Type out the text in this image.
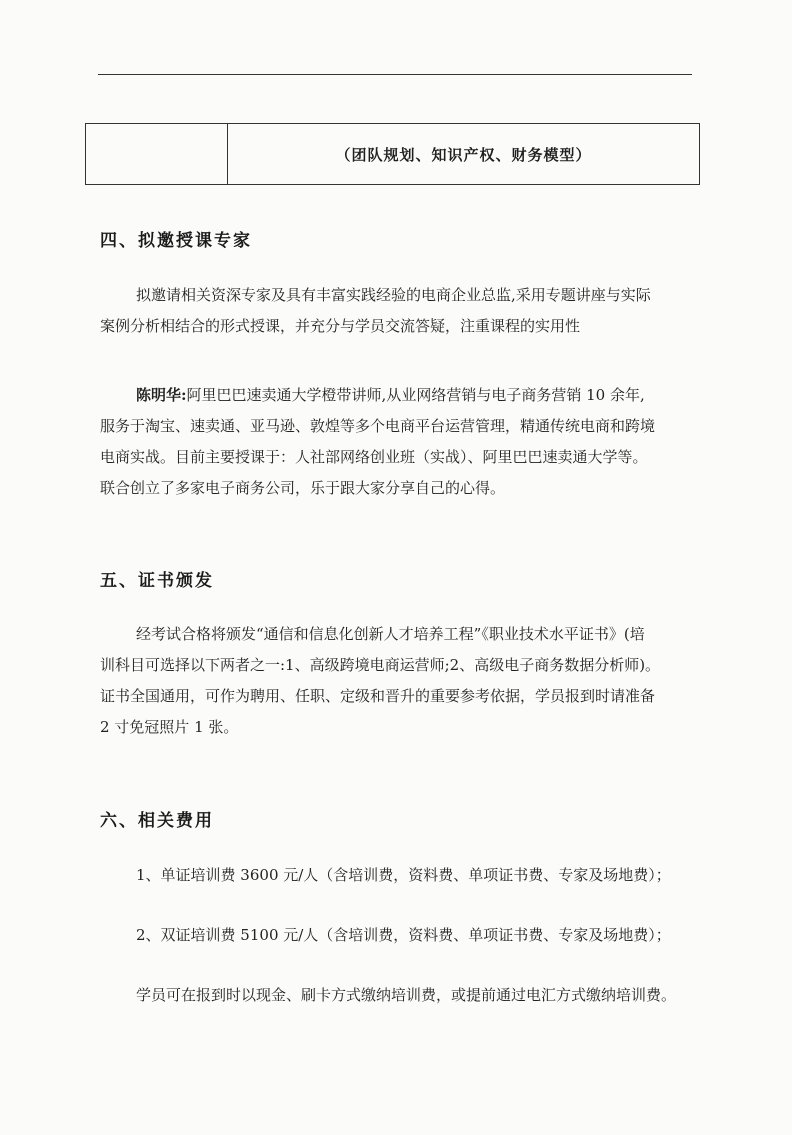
（团队规划、知识产权、财务模型）
四、拟邀授课专家
拟邀请相关资深专家及具有丰富实践经验的电商企业总监,采用专题讲座与实际
案例分析相结合的形式授课，并充分与学员交流答疑，注重课程的实用性
陈明华:阿里巴巴速卖通大学橙带讲师,从业网络营销与电子商务营销 10 余年,
服务于淘宝、速卖通、亚马逊、敦煌等多个电商平台运营管理，精通传统电商和跨境
电商实战。目前主要授课于：人社部网络创业班（实战）、阿里巴巴速卖通大学等。
联合创立了多家电子商务公司，乐于跟大家分享自己的心得。
五、证书颁发
经考试合格将颁发“通信和信息化创新人才培养工程”《职业技术水平证书》(培
训科目可选择以下两者之一:1、高级跨境电商运营师;2、高级电子商务数据分析师)。
证书全国通用，可作为聘用、任职、定级和晋升的重要参考依据，学员报到时请准备
2 寸免冠照片 1 张。
六、相关费用
1、单证培训费 3600 元/人（含培训费，资料费、单项证书费、专家及场地费）；
2、双证培训费 5100 元/人（含培训费，资料费、单项证书费、专家及场地费）；
学员可在报到时以现金、刷卡方式缴纳培训费，或提前通过电汇方式缴纳培训费。
